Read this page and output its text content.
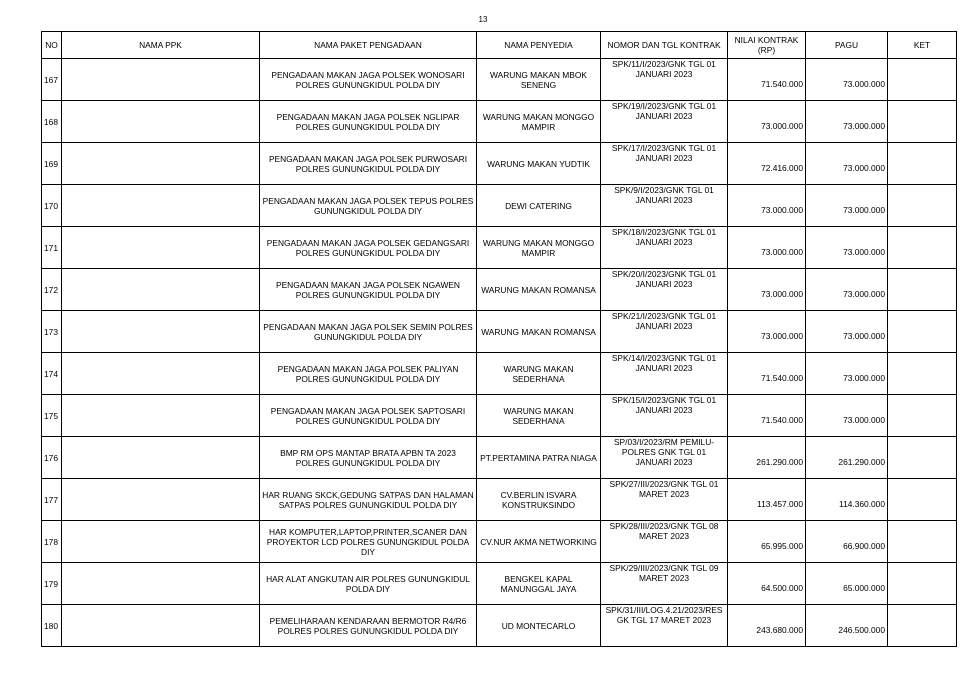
13
NO	NAMA PPK	NAMA PAKET PENGADAAN	NAMA PENYEDIA	NOMOR DAN TGL KONTRAK	NILAI KONTRAK (RP)	PAGU	KET
167		PENGADAAN MAKAN JAGA POLSEK WONOSARI POLRES GUNUNGKIDUL POLDA DIY	WARUNG MAKAN MBOK SENENG	SPK/11/I/2023/GNK TGL 01 JANUARI 2023	71.540.000	73.000.000	
168		PENGADAAN MAKAN JAGA POLSEK NGLIPAR POLRES GUNUNGKIDUL POLDA DIY	WARUNG MAKAN MONGGO MAMPIR	SPK/19/I/2023/GNK TGL 01 JANUARI 2023	73.000.000	73.000.000	
169		PENGADAAN MAKAN JAGA POLSEK PURWOSARI POLRES GUNUNGKIDUL POLDA DIY	WARUNG MAKAN YUDTIK	SPK/17/I/2023/GNK TGL 01 JANUARI 2023	72.416.000	73.000.000	
170		PENGADAAN MAKAN JAGA POLSEK TEPUS POLRES GUNUNGKIDUL POLDA DIY	DEWI CATERING	SPK/9/I/2023/GNK TGL 01 JANUARI 2023	73.000.000	73.000.000	
171		PENGADAAN MAKAN JAGA POLSEK GEDANGSARI POLRES GUNUNGKIDUL POLDA DIY	WARUNG MAKAN MONGGO MAMPIR	SPK/18/I/2023/GNK TGL 01 JANUARI 2023	73.000.000	73.000.000	
172		PENGADAAN MAKAN JAGA POLSEK NGAWEN POLRES GUNUNGKIDUL POLDA DIY	WARUNG MAKAN ROMANSA	SPK/20/I/2023/GNK TGL 01 JANUARI 2023	73.000.000	73.000.000	
173		PENGADAAN MAKAN JAGA POLSEK SEMIN POLRES GUNUNGKIDUL POLDA DIY	WARUNG MAKAN ROMANSA	SPK/21/I/2023/GNK TGL 01 JANUARI 2023	73.000.000	73.000.000	
174		PENGADAAN MAKAN JAGA POLSEK PALIYAN POLRES GUNUNGKIDUL POLDA DIY	WARUNG MAKAN SEDERHANA	SPK/14/I/2023/GNK TGL 01 JANUARI 2023	71.540.000	73.000.000	
175		PENGADAAN MAKAN JAGA POLSEK SAPTOSARI POLRES GUNUNGKIDUL POLDA DIY	WARUNG MAKAN SEDERHANA	SPK/15/I/2023/GNK TGL 01 JANUARI 2023	71.540.000	73.000.000	
176		BMP RM OPS MANTAP BRATA APBN TA 2023 POLRES GUNUNGKIDUL POLDA DIY	PT.PERTAMINA PATRA NIAGA	SP/03/I/2023/RM PEMILU-POLRES GNK TGL 01 JANUARI 2023	261.290.000	261.290.000	
177		HAR RUANG SKCK,GEDUNG SATPAS DAN HALAMAN SATPAS POLRES GUNUNGKIDUL POLDA DIY	CV.BERLIN ISVARA KONSTRUKSINDO	SPK/27/III/2023/GNK TGL 01 MARET 2023	113.457.000	114.360.000	
178		HAR KOMPUTER,LAPTOP,PRINTER,SCANER DAN PROYEKTOR LCD POLRES GUNUNGKIDUL POLDA DIY	CV.NUR AKMA NETWORKING	SPK/28/III/2023/GNK TGL 08 MARET 2023	65.995.000	66.900.000	
179		HAR ALAT ANGKUTAN AIR POLRES GUNUNGKIDUL POLDA DIY	BENGKEL KAPAL MANUNGGAL JAYA	SPK/29/III/2023/GNK TGL 09 MARET 2023	64.500.000	65.000.000	
180		PEMELIHARAAN KENDARAAN BERMOTOR R4/R6 POLRES POLRES GUNUNGKIDUL POLDA DIY	UD MONTECARLO	SPK/31/III/LOG.4.21/2023/RES GK TGL 17 MARET 2023	243.680.000	246.500.000	
